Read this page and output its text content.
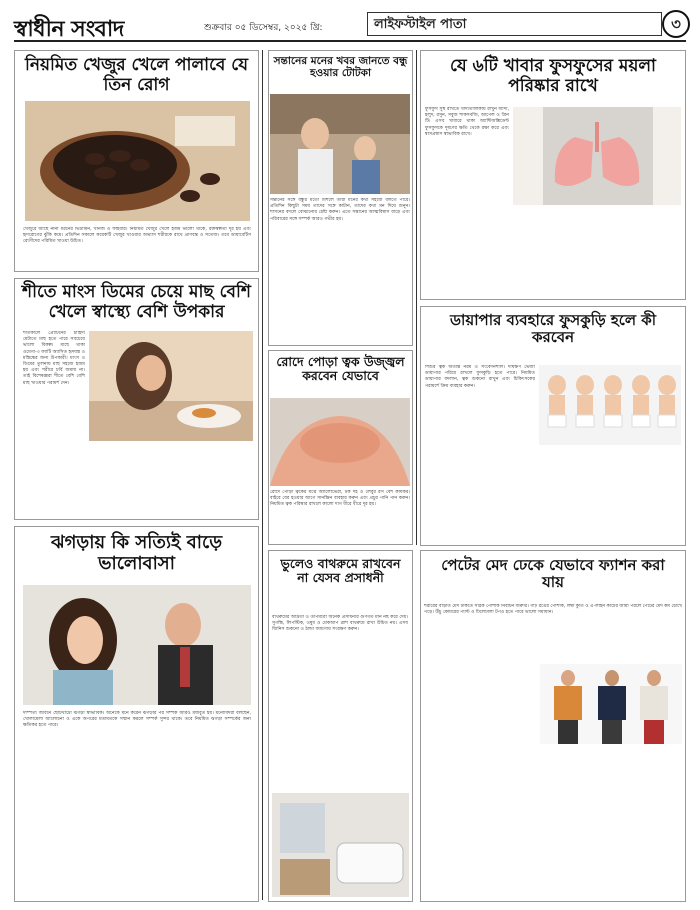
স্বাধীন সংবাদ	শুক্রবার ০৫ ডিসেম্বর, ২০২৫ খ্রি:	লাইফস্টাইল পাতা	৩
নিয়মিত খেজুর খেলে পালাবে যে তিন রোগ
খেজুরে আছে নানা ধরনের ভিটামিন, খনিজ ও ফাইবার। নিয়মিত খেজুর খেলে হজম ভালো থাকে, রক্তস্বল্পতা দূর হয় এবং হৃদরোগের ঝুঁকি কমে। প্রতিদিন সকালে কয়েকটি খেজুর খাওয়ার অভ্যাস শরীরকে রাখে প্রাণবন্ত ও সতেজ। তবে ডায়াবেটিস রোগীদের পরিমিত খাওয়া উচিত।
শীতে মাংস ডিমের চেয়ে মাছ বেশি খেলে স্বাস্থ্যে বেশি উপকার
শীতকালে প্রোটিনের চাহিদা মেটাতে মাছ হতে পারে সবচেয়ে ভালো বিকল্প। মাছে থাকা ওমেগা-৩ ফ্যাটি অ্যাসিড হৃদযন্ত্র ও মস্তিষ্কের জন্য উপকারী। মাংস ও ডিমের তুলনায় মাছ সহজে হজম হয় এবং শরীরে চর্বি জমায় না। তাই বিশেষজ্ঞরা শীতে বেশি বেশি মাছ খাওয়ার পরামর্শ দেন।
ঝগড়ায় কি সত্যিই বাড়ে ভালোবাসা
দাম্পত্য জীবনে ছোটখাটো ঝগড়া স্বাভাবিক। অনেকে মনে করেন ঝগড়ার পর সম্পর্ক আরও মজবুত হয়। মনোবিদরা বলছেন, খোলামেলা আলোচনা ও একে অপরের মতামতকে সম্মান করলে সম্পর্ক সুন্দর থাকে। তবে নিয়মিত ঝগড়া সম্পর্কের জন্য ক্ষতিকর হতে পারে।
সন্তানের মনের খবর জানতে বন্ধু হওয়ার টোটকা
সন্তানের সঙ্গে বন্ধুর মতো মিশলে তারা মনের কথা সহজে বলতে পারে। প্রতিদিন কিছুটা সময় তাদের সঙ্গে কাটান, তাদের কথা মন দিয়ে শুনুন। শাসনের বদলে বোঝানোর চেষ্টা করুন। এতে সন্তানের আত্মবিশ্বাস বাড়ে এবং পরিবারের সঙ্গে সম্পর্ক আরও গভীর হয়।
রোদে পোড়া ত্বক উজ্জ্বল করবেন যেভাবে
রোদে পোড়া ত্বকের যত্নে অ্যালোভেরা, টক দই ও লেবুর রস বেশ কার্যকর। বাইরে বের হওয়ার আগে সানস্ক্রিন ব্যবহার করুন এবং প্রচুর পানি পান করুন। নিয়মিত ত্বক পরিষ্কার রাখলে কালো দাগ ধীরে ধীরে দূর হয়।
ভুলেও বাথরুমে রাখবেন না যেসব প্রসাধনী
বাথরুমের আর্দ্রতা ও তাপমাত্রা অনেক প্রসাধনীর গুণগত মান নষ্ট করে দেয়। সুগন্ধি, লিপস্টিক, ওষুধ ও মেকআপ ব্রাশ বাথরুমে রাখা উচিত নয়। এসব জিনিস শুকনো ও ঠান্ডা জায়গায় সংরক্ষণ করুন।
যে ৬টি খাবার ফুসফুসের ময়লা পরিষ্কার রাখে
ফুসফুস সুস্থ রাখতে খাদ্যতালিকায় রাখুন আদা, হলুদ, রসুন, সবুজ শাকসবজি, আপেল ও গ্রিন টি। এসব খাবারে থাকা অ্যান্টিঅক্সিডেন্ট ফুসফুসকে দূষণের ক্ষতি থেকে রক্ষা করে এবং শ্বাসপ্রশ্বাস স্বাভাবিক রাখে।
ডায়াপার ব্যবহারে ফুসকুড়ি হলে কী করবেন
শিশুর ত্বক অত্যন্ত নরম ও সংবেদনশীল। দীর্ঘক্ষণ ভেজা ডায়াপার পরিয়ে রাখলে ফুসকুড়ি হতে পারে। নিয়মিত ডায়াপার বদলান, ত্বক শুকনো রাখুন এবং চিকিৎসকের পরামর্শে ক্রিম ব্যবহার করুন।
পেটের মেদ ঢেকে যেভাবে ফ্যাশন করা যায়
শরীরের বাড়তি মেদ ঢাকতে সঠিক পোশাক নির্বাচন জরুরি। গাঢ় রঙের পোশাক, লম্বা কুর্তি ও এ-লাইন কাটের জামা পরলে পেটের মেদ কম চোখে পড়ে। উঁচু কোমরের প্যান্ট ও ঢিলেঢালা টপও হতে পারে ভালো সমাধান।
